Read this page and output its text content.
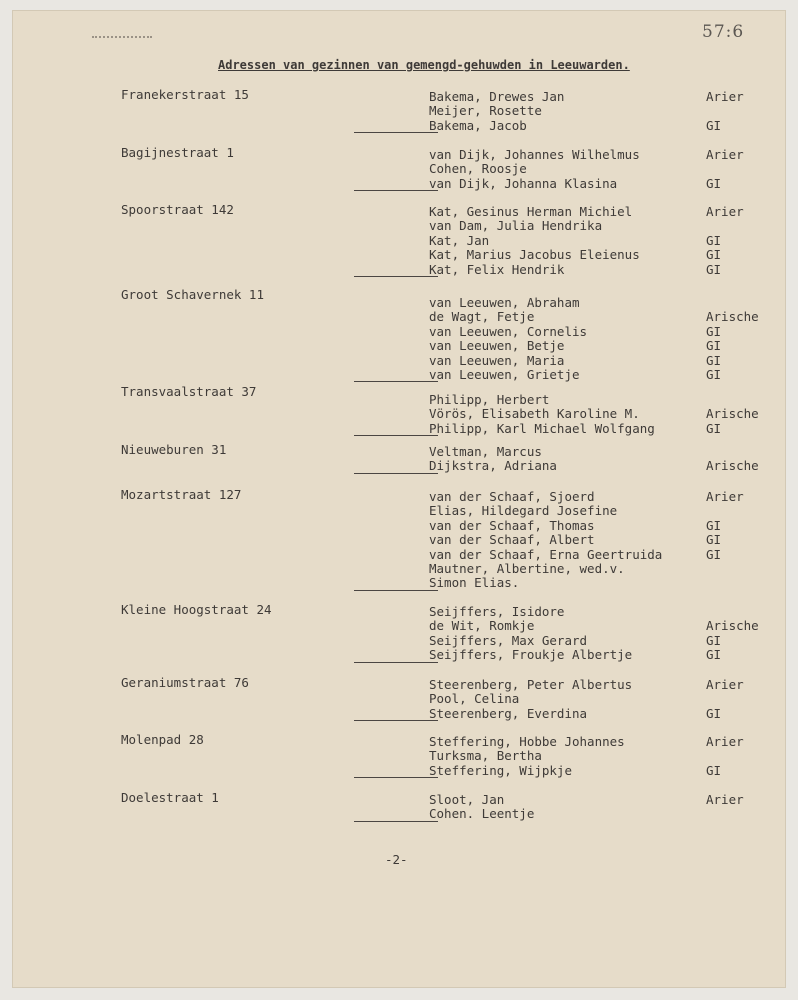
57:6
Adressen van gezinnen van gemengd-gehuwden in Leeuwarden.
Franekerstraat 15	Bakema, Drewes Jan	Arier
Meijer, Rosette
Bakema, Jacob	GI
Bagijnestraat 1	van Dijk, Johannes Wilhelmus	Arier
Cohen, Roosje
van Dijk, Johanna Klasina	GI
Spoorstraat 142	Kat, Gesinus Herman Michiel	Arier
van Dam, Julia Hendrika
Kat, Jan	GI
Kat, Marius Jacobus Eleienus	GI
Kat, Felix Hendrik	GI
Groot Schavernek 11
van Leeuwen, Abraham
de Wagt, Fetje	Arische
van Leeuwen, Cornelis	GI
van Leeuwen, Betje	GI
van Leeuwen, Maria	GI
van Leeuwen, Grietje	GI
Transvaalstraat 37
Philipp, Herbert
Vörös, Elisabeth Karoline M.	Arische
Philipp, Karl Michael Wolfgang	GI
Nieuweburen 31	Veltman, Marcus
Dijkstra, Adriana	Arische
Mozartstraat 127	van der Schaaf, Sjoerd	Arier
Elias, Hildegard Josefine
van der Schaaf, Thomas	GI
van der Schaaf, Albert	GI
van der Schaaf, Erna Geertruida	GI
Mautner, Albertine, wed.v.
Simon Elias.
Kleine Hoogstraat 24	Seijffers, Isidore
de Wit, Romkje	Arische
Seijffers, Max Gerard	GI
Seijffers, Froukje Albertje	GI
Geraniumstraat 76	Steerenberg, Peter Albertus	Arier
Pool, Celina
Steerenberg, Everdina	GI
Molenpad 28	Steffering, Hobbe Johannes	Arier
Turksma, Bertha
Steffering, Wijpkje	GI
Doelestraat 1	Sloot, Jan	Arier
Cohen. Leentje
-2-
